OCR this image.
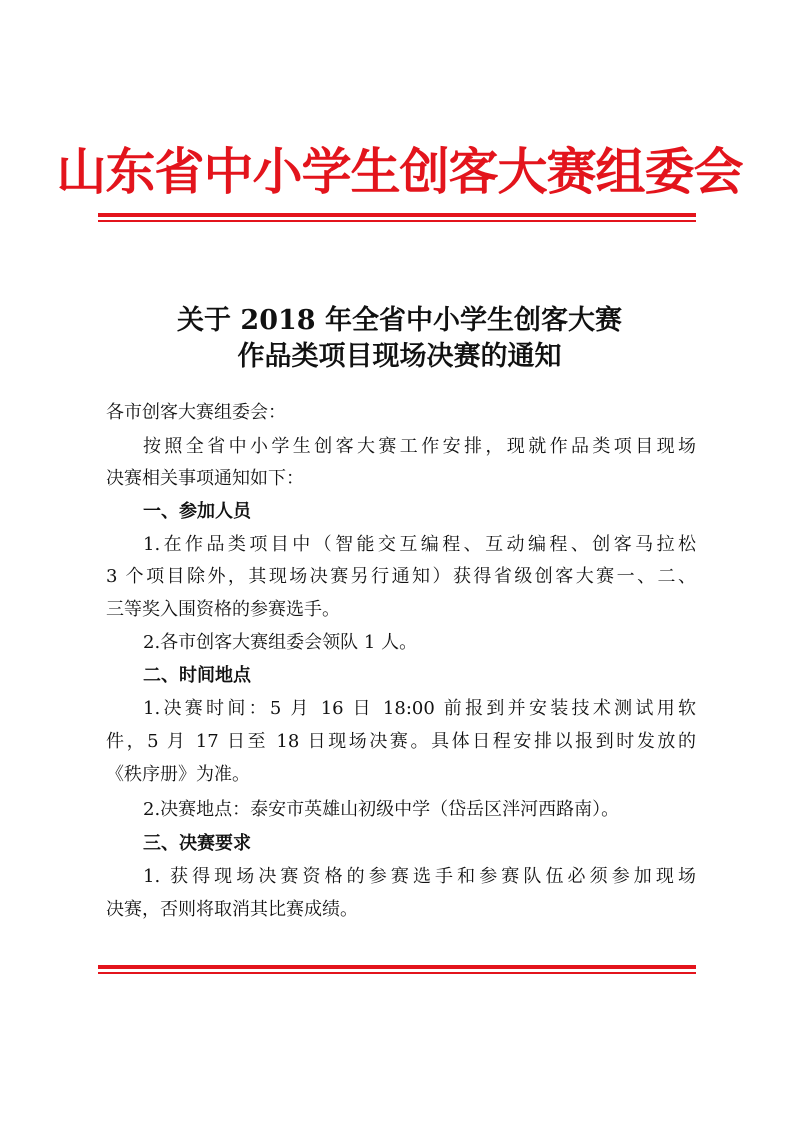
山东省中小学生创客大赛组委会
关于 2018 年全省中小学生创客大赛
作品类项目现场决赛的通知
各市创客大赛组委会：
按照全省中小学生创客大赛工作安排，现就作品类项目现场
决赛相关事项通知如下：
一、参加人员
1.在作品类项目中（智能交互编程、互动编程、创客马拉松
3 个项目除外，其现场决赛另行通知）获得省级创客大赛一、二、
三等奖入围资格的参赛选手。
2.各市创客大赛组委会领队 1 人。
二、时间地点
1.决赛时间：5 月 16 日 18:00 前报到并安装技术测试用软
件，5 月 17 日至 18 日现场决赛。具体日程安排以报到时发放的
《秩序册》为准。
2.决赛地点：泰安市英雄山初级中学（岱岳区泮河西路南）。
三、决赛要求
1. 获得现场决赛资格的参赛选手和参赛队伍必须参加现场
决赛，否则将取消其比赛成绩。
